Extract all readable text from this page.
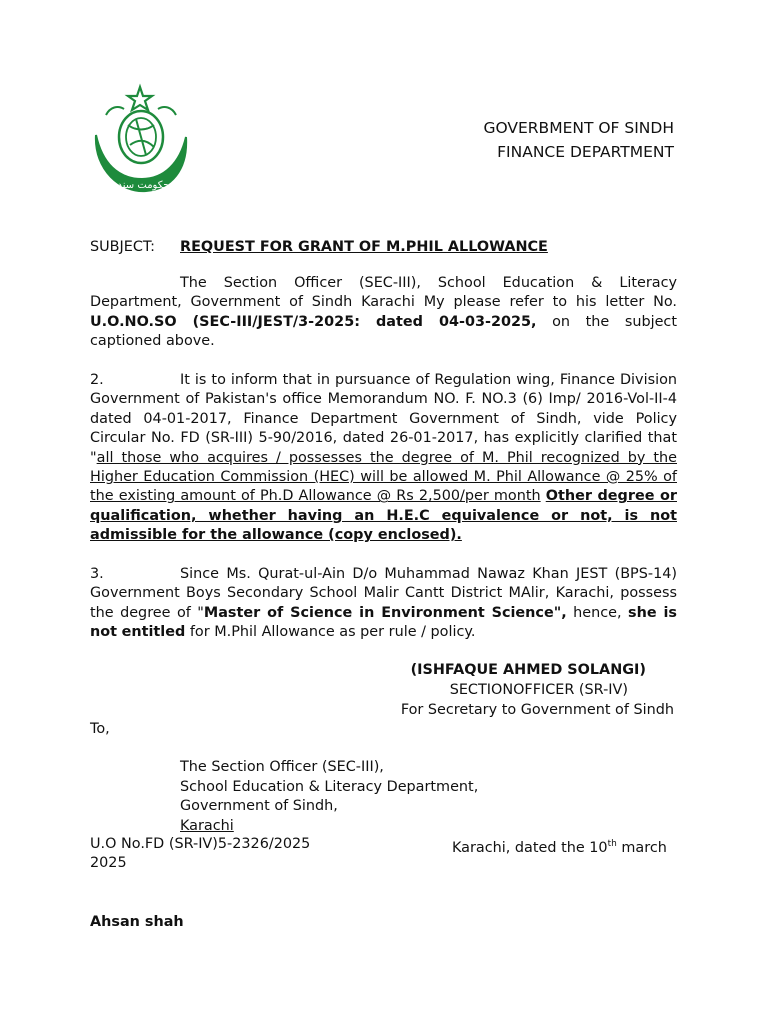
حکومت سندھ
GOVERBMENT OF SINDH
FINANCE DEPARTMENT
SUBJECT: REQUEST FOR GRANT OF M.PHIL ALLOWANCE
The Section Officer (SEC-III), School Education & Literacy Department, Government of Sindh Karachi My please refer to his letter No. U.O.NO.SO (SEC-III/JEST/3-2025: dated 04-03-2025, on the subject captioned above.
2.	It is to inform that in pursuance of Regulation wing, Finance Division Government of Pakistan's office Memorandum NO. F. NO.3 (6) Imp/ 2016-Vol-II-4 dated 04-01-2017, Finance Department Government of Sindh, vide Policy Circular No. FD (SR-III) 5-90/2016, dated 26-01-2017, has explicitly clarified that "all those who acquires / possesses the degree of M. Phil recognized by the Higher Education Commission (HEC) will be allowed M. Phil Allowance @ 25% of the existing amount of Ph.D Allowance @ Rs 2,500/per month Other degree or qualification, whether having an H.E.C equivalence or not, is not admissible for the allowance (copy enclosed).
3.	Since Ms. Qurat-ul-Ain D/o Muhammad Nawaz Khan JEST (BPS-14) Government Boys Secondary School Malir Cantt District MAlir, Karachi, possess the degree of "Master of Science in Environment Science", hence, she is not entitled for M.Phil Allowance as per rule / policy.
(ISHFAQUE AHMED SOLANGI)
SECTIONOFFICER (SR-IV)
For Secretary to Government of Sindh
To,
The Section Officer (SEC-III),
School Education & Literacy Department,
Government of Sindh,
Karachi
U.O No.FD (SR-IV)5-2326/2025	Karachi, dated the 10th march
2025
Ahsan shah
